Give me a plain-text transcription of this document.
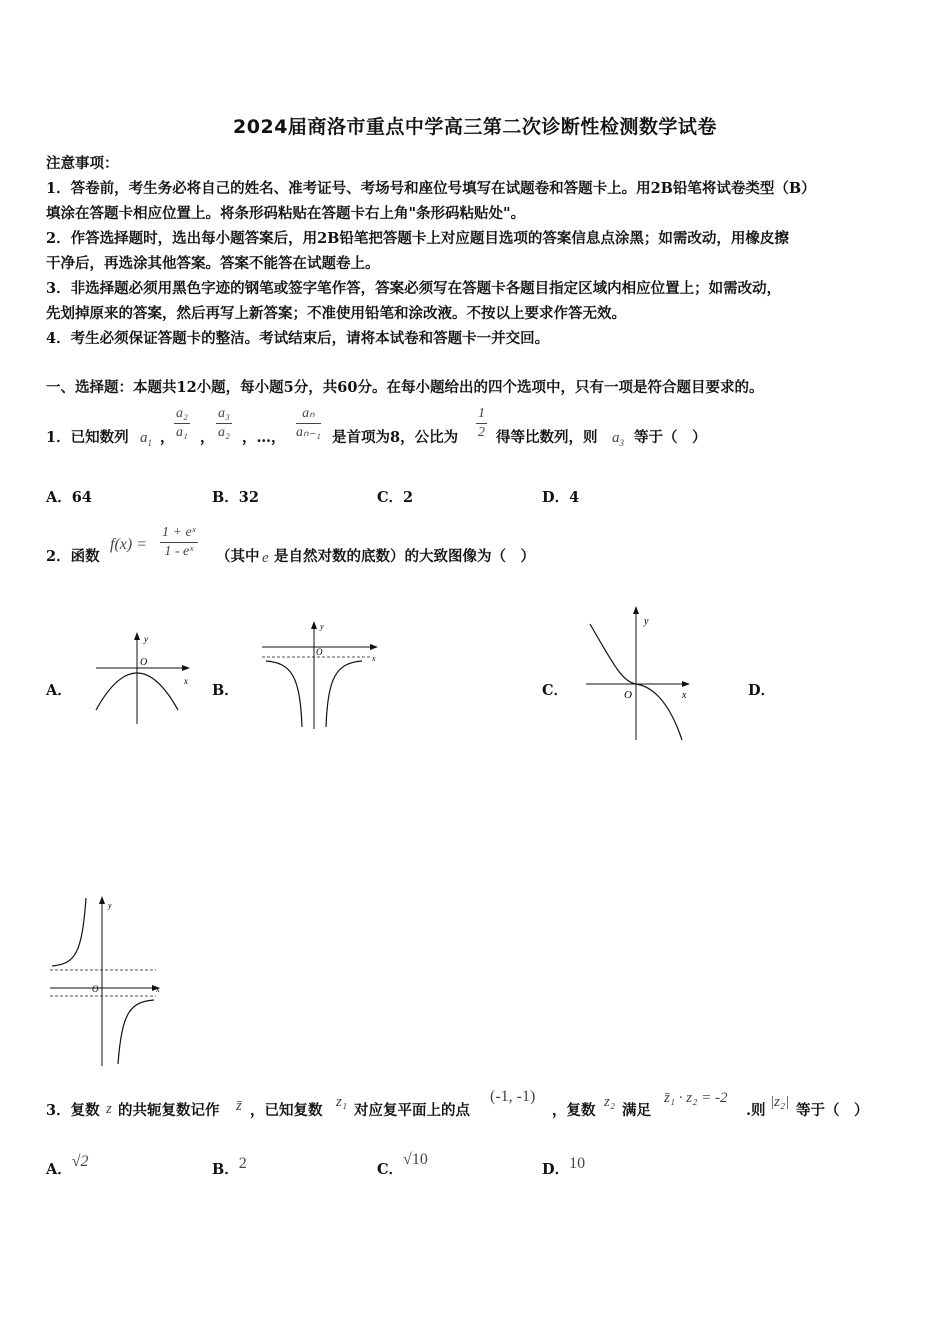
2024届商洛市重点中学高三第二次诊断性检测数学试卷
注意事项：
1．答卷前，考生务必将自己的姓名、准考证号、考场号和座位号填写在试题卷和答题卡上。用2B铅笔将试卷类型（B）
填涂在答题卡相应位置上。将条形码粘贴在答题卡右上角"条形码粘贴处"。
2．作答选择题时，选出每小题答案后，用2B铅笔把答题卡上对应题目选项的答案信息点涂黑；如需改动，用橡皮擦
干净后，再选涂其他答案。答案不能答在试题卷上。
3．非选择题必须用黑色字迹的钢笔或签字笔作答，答案必须写在答题卡各题目指定区域内相应位置上；如需改动，
先划掉原来的答案，然后再写上新答案；不准使用铅笔和涂改液。不按以上要求作答无效。
4．考生必须保证答题卡的整洁。考试结束后，请将本试卷和答题卡一并交回。
一、选择题：本题共12小题，每小题5分，共60分。在每小题给出的四个选项中，只有一项是符合题目要求的。
1．已知数列 $a_1$ ， $\frac{\text{a₂}}{\text{a₁}}$ ， $\frac{\text{a₃}}{\text{a₂}}$ ，…， $\frac{\text{aₙ}}{\text{aₙ₋₁}}$ 是首项为8，公比为 $\frac{1}{2}$ 得等比数列，则 $a_3$ 等于（　）
A．64	B．32	C．2	D．4
2．函数
$f(x) = \frac{\text{1 + eˣ}}{\text{1 - eˣ}}$ （其中 e 是自然对数的底数）的大致图像为（　）
A．	B．	C．	D．
y
O
x
y
O
x
y
O	x
y
O	x
3．复数 z 的共轭复数记作 z̄ ，已知复数 z₁ 对应复平面上的点
(-1, -1)
，复数 z₂ 满足
z̄₁ · z₂ = -2
.则 |z₂| 等于（　）
A．√2	B．2	C．√10
D．10
